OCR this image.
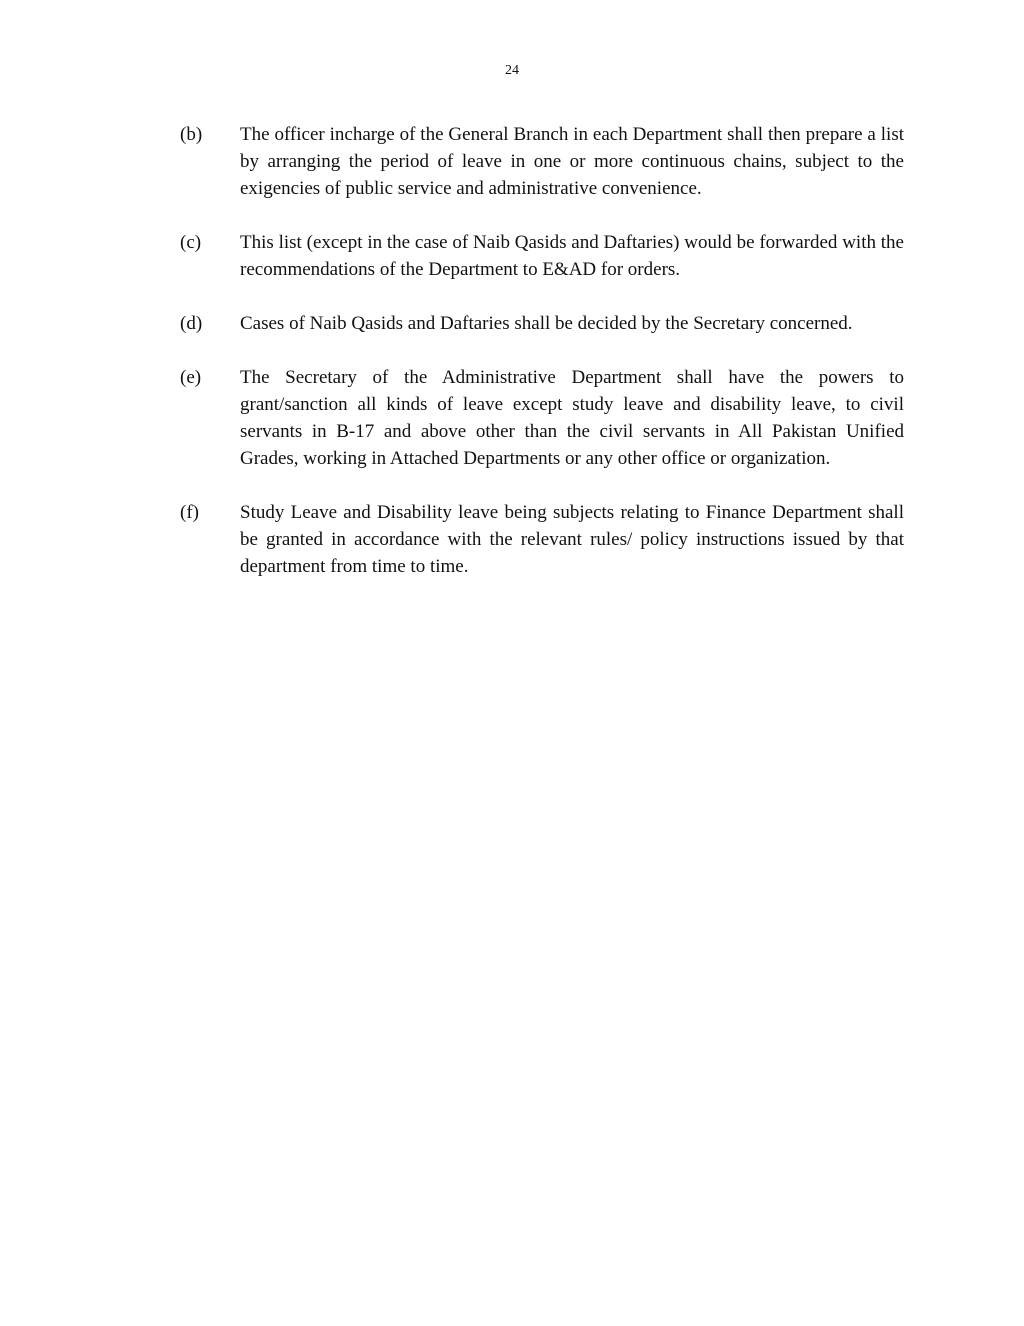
24
(b)	The officer incharge of the General Branch in each Department shall then prepare a list by arranging the period of leave in one or more continuous chains, subject to the exigencies of public service and administrative convenience.
(c)	This list (except in the case of Naib Qasids and Daftaries) would be forwarded with the recommendations of the Department to E&AD for orders.
(d)	Cases of Naib Qasids and Daftaries shall be decided by the Secretary concerned.
(e)	The Secretary of the Administrative Department shall have the powers to grant/sanction all kinds of leave except study leave and disability leave, to civil servants in B-17 and above other than the civil servants in All Pakistan Unified Grades, working in Attached Departments or any other office or organization.
(f)	Study Leave and Disability leave being subjects relating to Finance Department shall be granted in accordance with the relevant rules/ policy instructions issued by that department from time to time.
